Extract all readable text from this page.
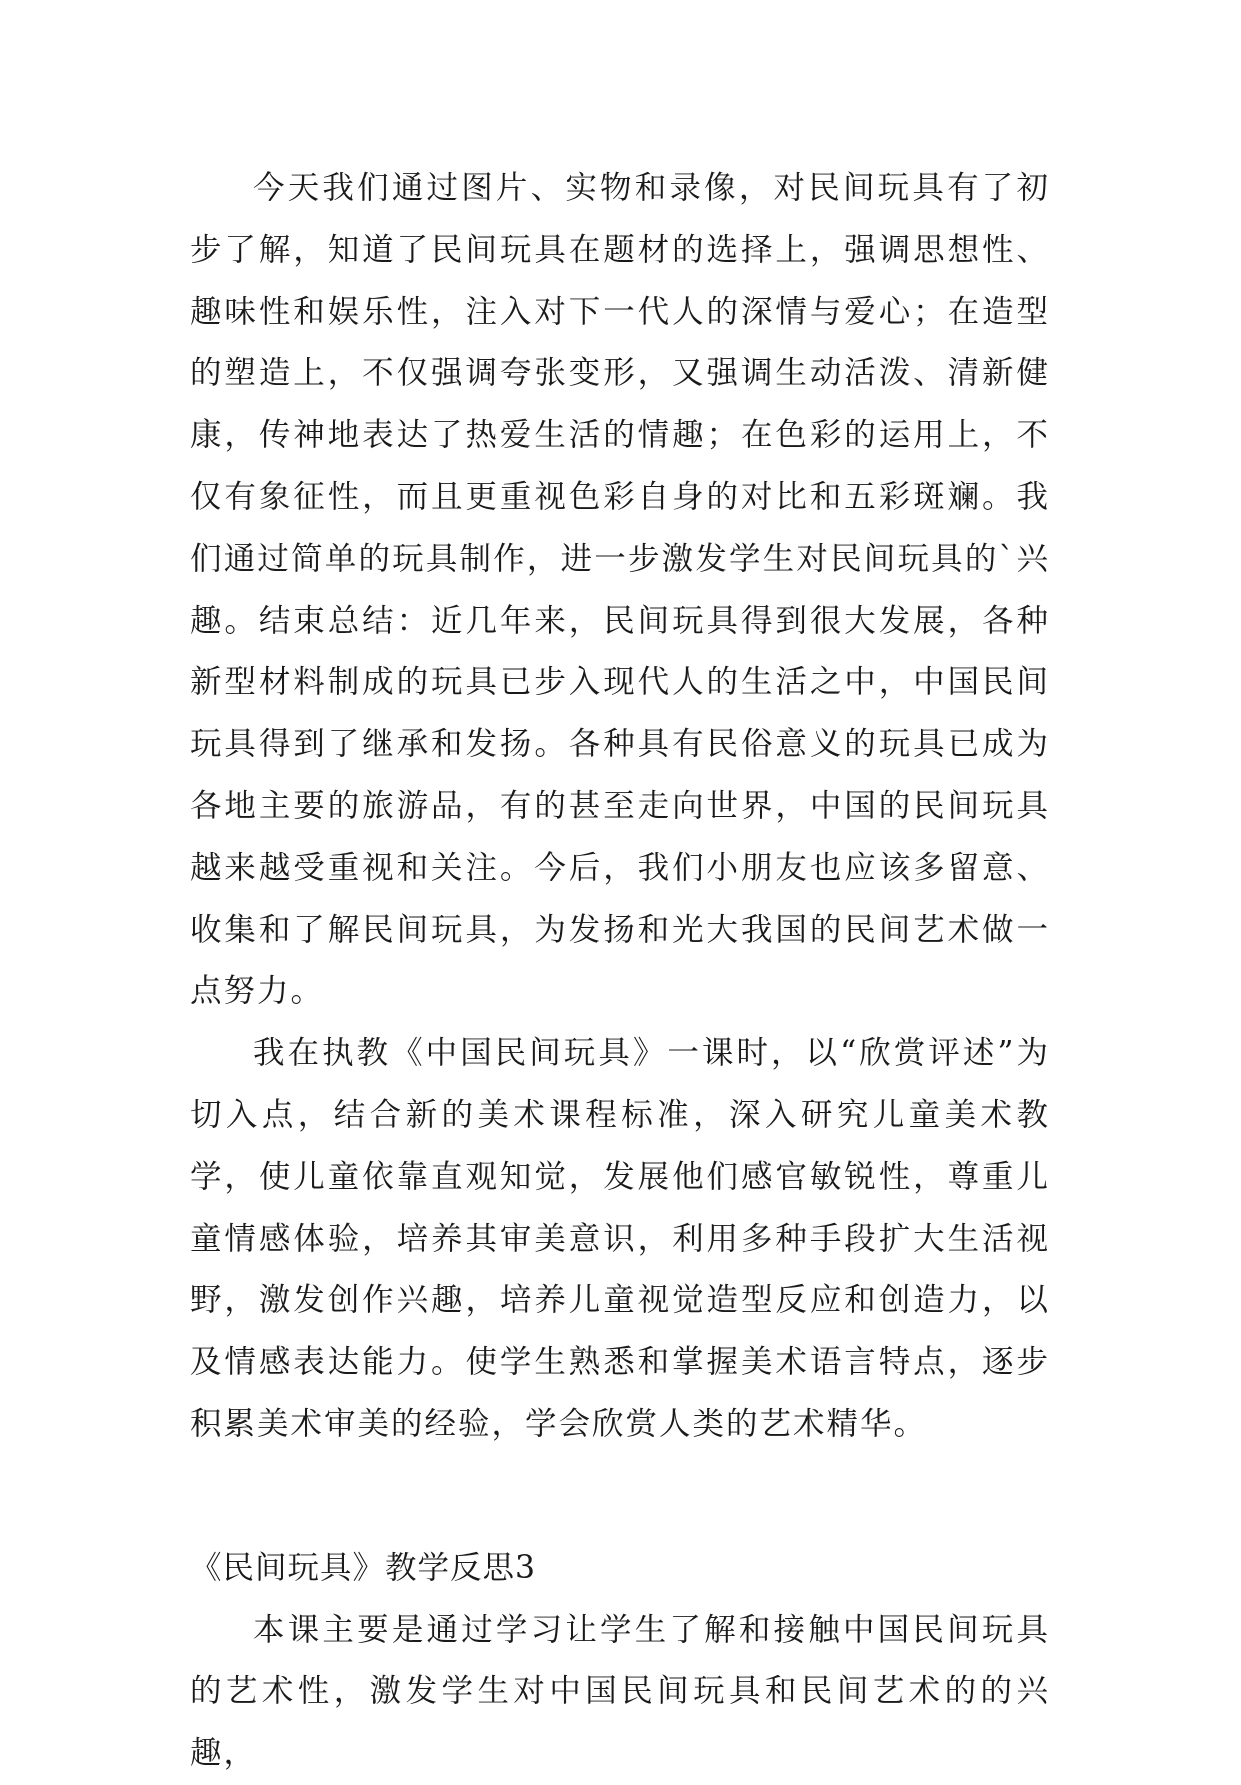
今天我们通过图片、实物和录像，对民间玩具有了初步了解，知道了民间玩具在题材的选择上，强调思想性、趣味性和娱乐性，注入对下一代人的深情与爱心；在造型的塑造上，不仅强调夸张变形，又强调生动活泼、清新健康，传神地表达了热爱生活的情趣；在色彩的运用上，不仅有象征性，而且更重视色彩自身的对比和五彩斑斓。我们通过简单的玩具制作，进一步激发学生对民间玩具的`兴趣。结束总结：近几年来，民间玩具得到很大发展，各种新型材料制成的玩具已步入现代人的生活之中，中国民间玩具得到了继承和发扬。各种具有民俗意义的玩具已成为各地主要的旅游品，有的甚至走向世界，中国的民间玩具越来越受重视和关注。今后，我们小朋友也应该多留意、收集和了解民间玩具，为发扬和光大我国的民间艺术做一点努力。

我在执教《中国民间玩具》一课时，以“欣赏评述”为切入点，结合新的美术课程标准，深入研究儿童美术教学，使儿童依靠直观知觉，发展他们感官敏锐性，尊重儿童情感体验，培养其审美意识，利用多种手段扩大生活视野，激发创作兴趣，培养儿童视觉造型反应和创造力，以及情感表达能力。使学生熟悉和掌握美术语言特点，逐步积累美术审美的经验，学会欣赏人类的艺术精华。

《民间玩具》教学反思3

本课主要是通过学习让学生了解和接触中国民间玩具的艺术性，激发学生对中国民间玩具和民间艺术的的兴趣，
